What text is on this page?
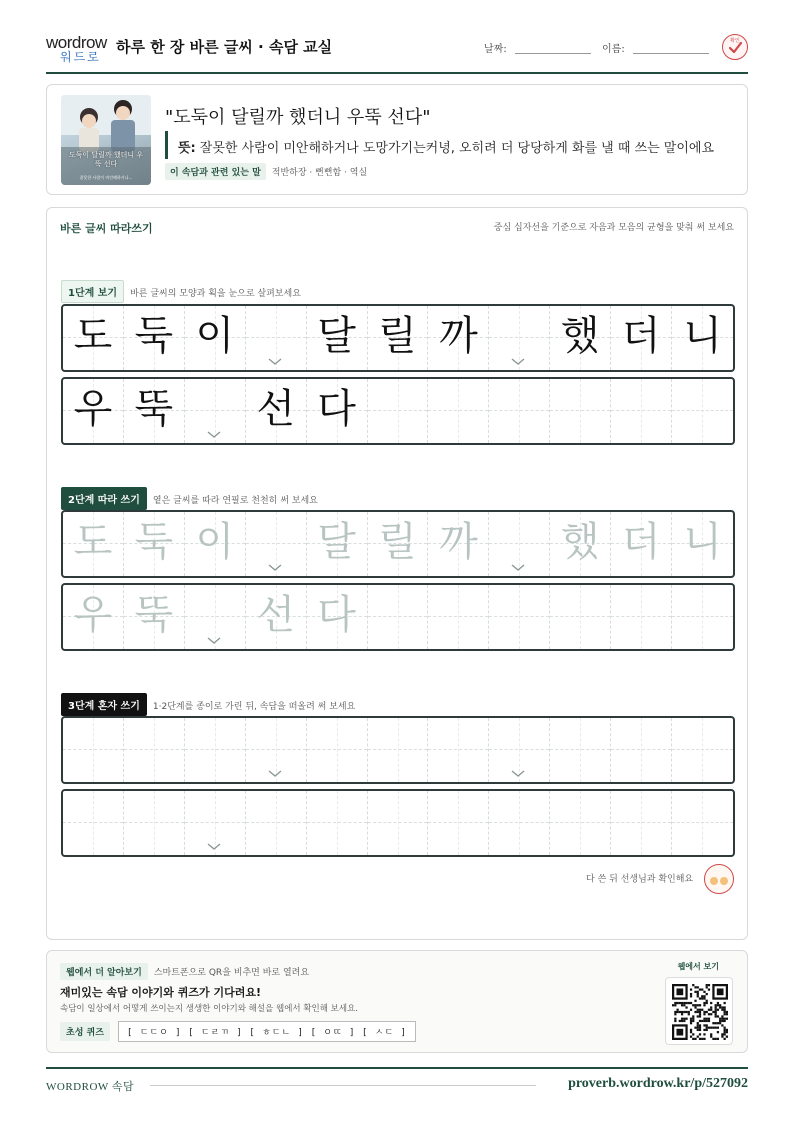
wordrow
워드로
하루 한 장 바른 글씨 · 속담 교실	날짜:	이름:
확인
도둑이 달릴까 했더니 우뚝 선다
잘못한 사람이 미안해하거나...
"도둑이 달릴까 했더니 우뚝 선다"
뜻: 잘못한 사람이 미안해하거나 도망가기는커녕, 오히려 더 당당하게 화를 낼 때 쓰는 말이에요
이 속담과 관련 있는 말 적반하장 · 뻔뻔함 · 역실
바른 글씨 따라쓰기	중심 십자선을 기준으로 자음과 모음의 균형을 맞춰 써 보세요
1단계 보기 바른 글씨의 모양과 획을 눈으로 살펴보세요
도 둑 이 달 릴 까 했 더 니
우 뚝 선 다
2단계 따라 쓰기 옅은 글씨를 따라 연필로 천천히 써 보세요
도 둑 이 달 릴 까 했 더 니
우 뚝 선 다
3단계 혼자 쓰기 1·2단계를 종이로 가린 뒤, 속담을 떠올려 써 보세요
다 쓴 뒤 선생님과 확인해요
웹에서 더 알아보기 스마트폰으로 QR을 비추면 바로 열려요
재미있는 속담 이야기와 퀴즈가 기다려요!
속담이 일상에서 어떻게 쓰이는지 생생한 이야기와 해설을 웹에서 확인해 보세요.
초성 퀴즈	[ ㄷㄷㅇ ] [ ㄷㄹㄲ ] [ ㅎㄷㄴ ] [ ㅇㄸ ] [ ㅅㄷ ]
웹에서 보기
WORDROW 속담	proverb.wordrow.kr/p/527092
